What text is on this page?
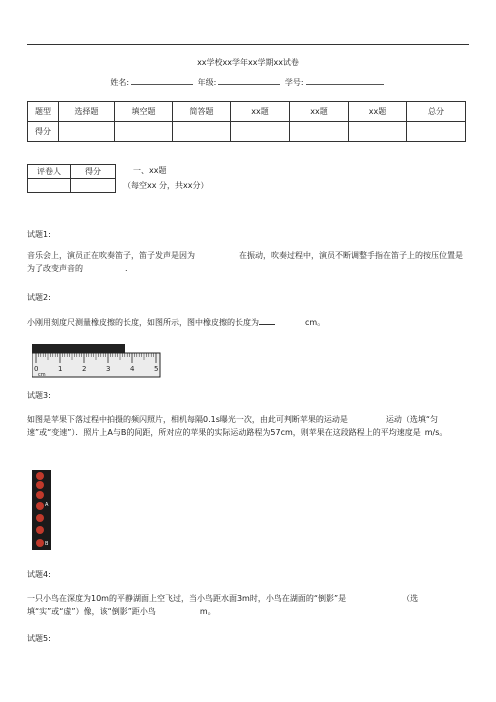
xx学校xx学年xx学期xx试卷
姓名:	年级:	学号:
题型	选择题	填空题	简答题	xx题	xx题	xx题	总分
得分							
评卷人	得分
		一、xx题
（每空xx 分，共xx分）
试题1:
音乐会上，演员正在吹奏笛子，笛子发声是因为	在振动，吹奏过程中，演员不断调整手指在笛子上的按压位置是为了改变声音的	.
试题2:
小刚用刻度尺测量橡皮擦的长度，如图所示，图中橡皮擦的长度为	cm。
0	1	2	3	4	5
cm
试题3:
如图是苹果下落过程中拍摄的频闪照片，相机每隔0.1s曝光一次，由此可判断苹果的运动是	运动（选填“匀速”或“变速”）．照片上A与B的间距，所对应的苹果的实际运动路程为57cm，则苹果在这段路程上的平均速度是 m/s。
A
B
试题4:
一只小鸟在深度为10m的平静湖面上空飞过，当小鸟距水面3m时，小鸟在湖面的“倒影”是	（选填“实”或“虚”）像，该“倒影”距小鸟	m。
试题5:
